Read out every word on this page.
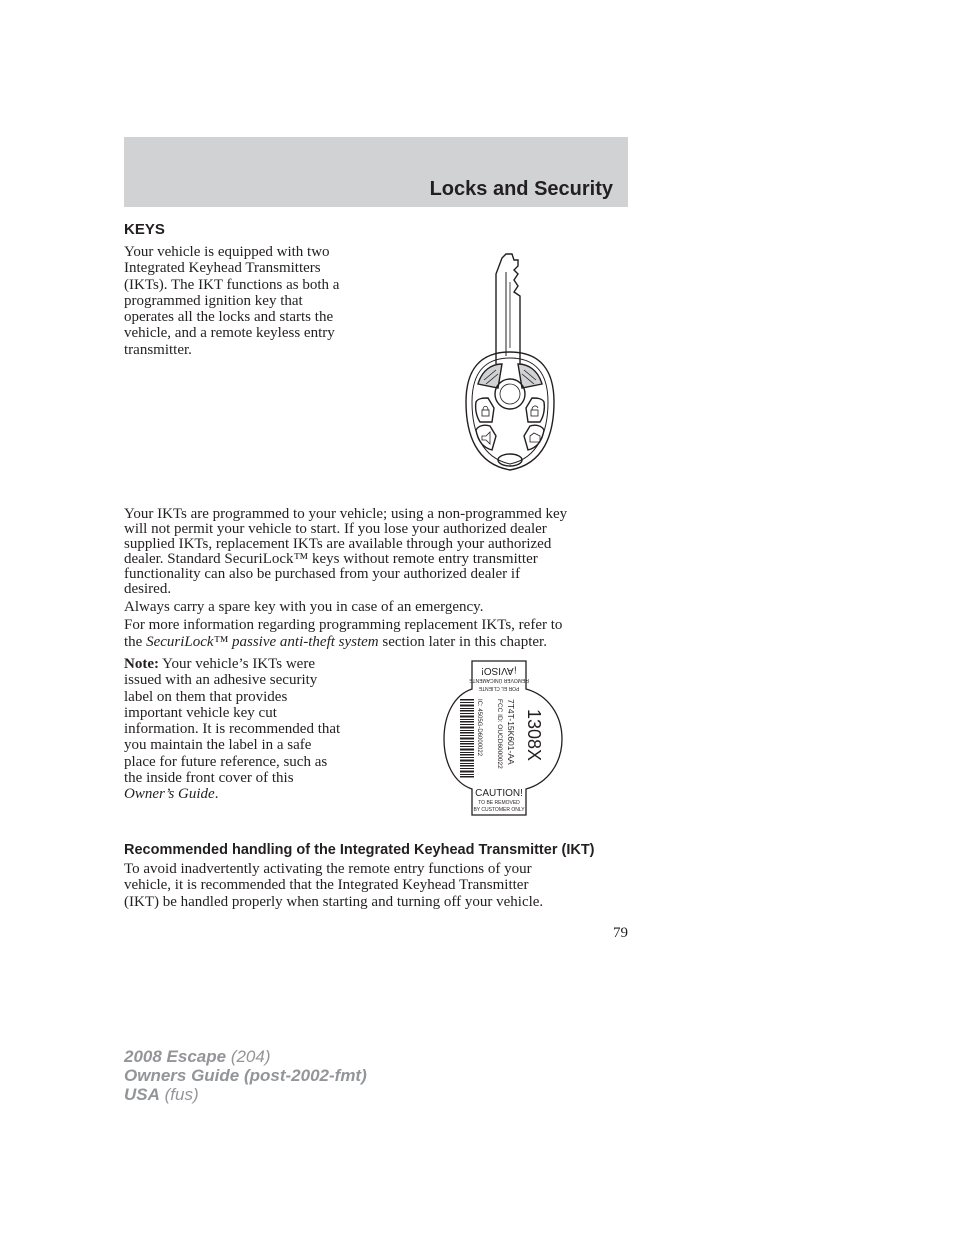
Locks and Security
KEYS
Your vehicle is equipped with two
Integrated Keyhead Transmitters
(IKTs). The IKT functions as both a
programmed ignition key that
operates all the locks and starts the
vehicle, and a remote keyless entry
transmitter.
Your IKTs are programmed to your vehicle; using a non-programmed key
will not permit your vehicle to start. If you lose your authorized dealer
supplied IKTs, replacement IKTs are available through your authorized
dealer. Standard SecuriLock™ keys without remote entry transmitter
functionality can also be purchased from your authorized dealer if
desired.
Always carry a spare key with you in case of an emergency.
For more information regarding programming replacement IKTs, refer to
the SecuriLock™ passive anti-theft system section later in this chapter.
Note: Your vehicle’s IKTs were
issued with an adhesive security
label on them that provides
important vehicle key cut
information. It is recommended that
you maintain the label in a safe
place for future reference, such as
the inside front cover of this
Owner’s Guide.
POR EL CLIENTE
REMOVER ÚNICAMENTE
¡AVISO!
IC: 4505G-D6000022 FCC ID: OUCD6000022 7T4T-15K601-AA 1308X
CAUTION!
TO BE REMOVED
BY CUSTOMER ONLY
Recommended handling of the Integrated Keyhead Transmitter (IKT)
To avoid inadvertently activating the remote entry functions of your
vehicle, it is recommended that the Integrated Keyhead Transmitter
(IKT) be handled properly when starting and turning off your vehicle.
79
2008 Escape (204)
Owners Guide (post-2002-fmt)
USA (fus)
